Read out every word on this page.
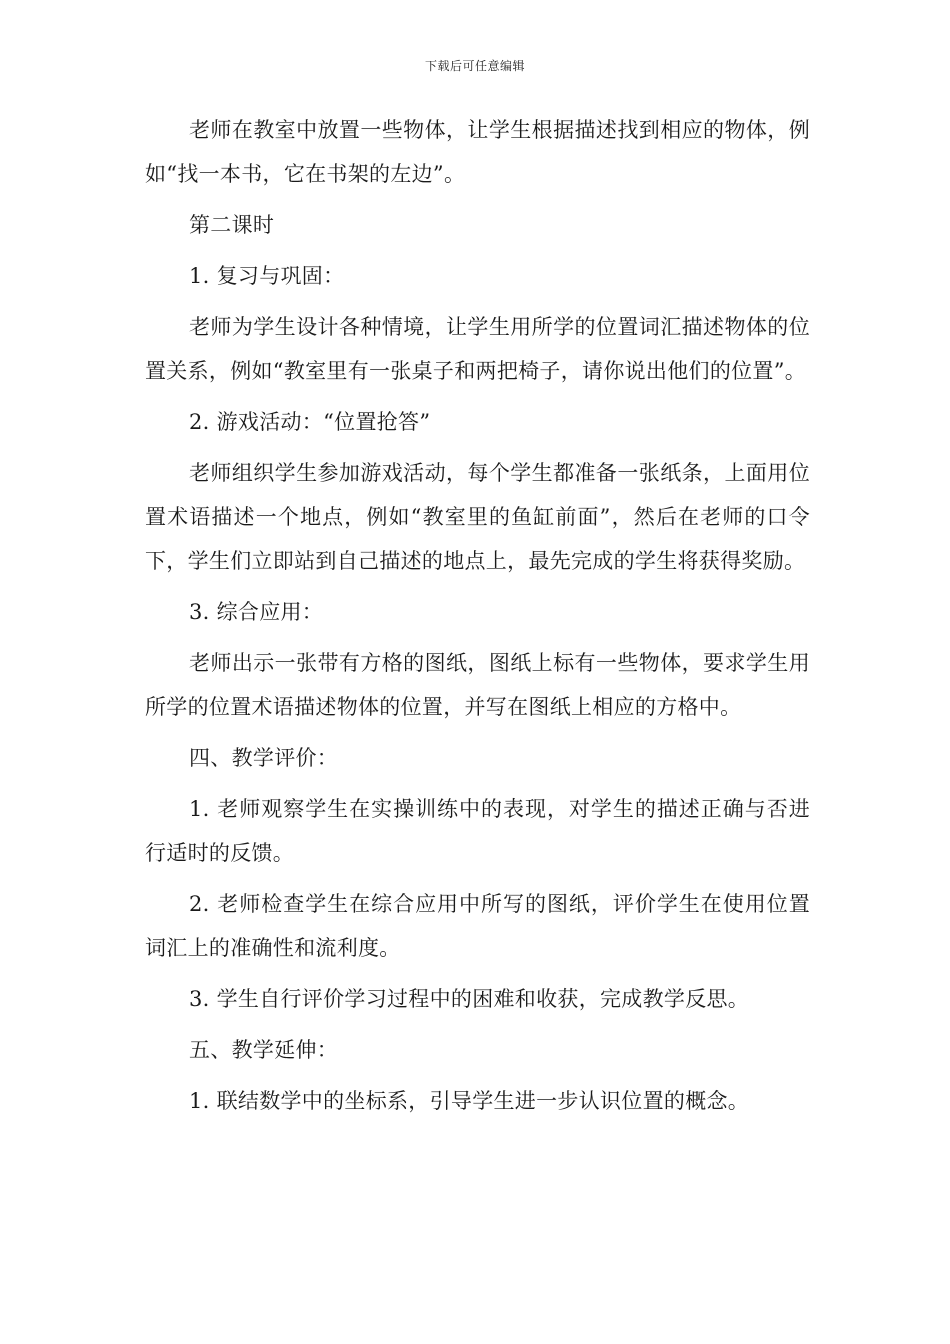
下载后可任意编辑

老师在教室中放置一些物体，让学生根据描述找到相应的物体，例如“找一本书，它在书架的左边”。

第二课时

1. 复习与巩固：

老师为学生设计各种情境，让学生用所学的位置词汇描述物体的位置关系，例如“教室里有一张桌子和两把椅子，请你说出他们的位置”。

2. 游戏活动：“位置抢答”

老师组织学生参加游戏活动，每个学生都准备一张纸条，上面用位置术语描述一个地点，例如“教室里的鱼缸前面”，然后在老师的口令下，学生们立即站到自己描述的地点上，最先完成的学生将获得奖励。

3. 综合应用：

老师出示一张带有方格的图纸，图纸上标有一些物体，要求学生用所学的位置术语描述物体的位置，并写在图纸上相应的方格中。

四、教学评价：

1. 老师观察学生在实操训练中的表现，对学生的描述正确与否进行适时的反馈。

2. 老师检查学生在综合应用中所写的图纸，评价学生在使用位置词汇上的准确性和流利度。

3. 学生自行评价学习过程中的困难和收获，完成教学反思。

五、教学延伸：

1. 联结数学中的坐标系，引导学生进一步认识位置的概念。
